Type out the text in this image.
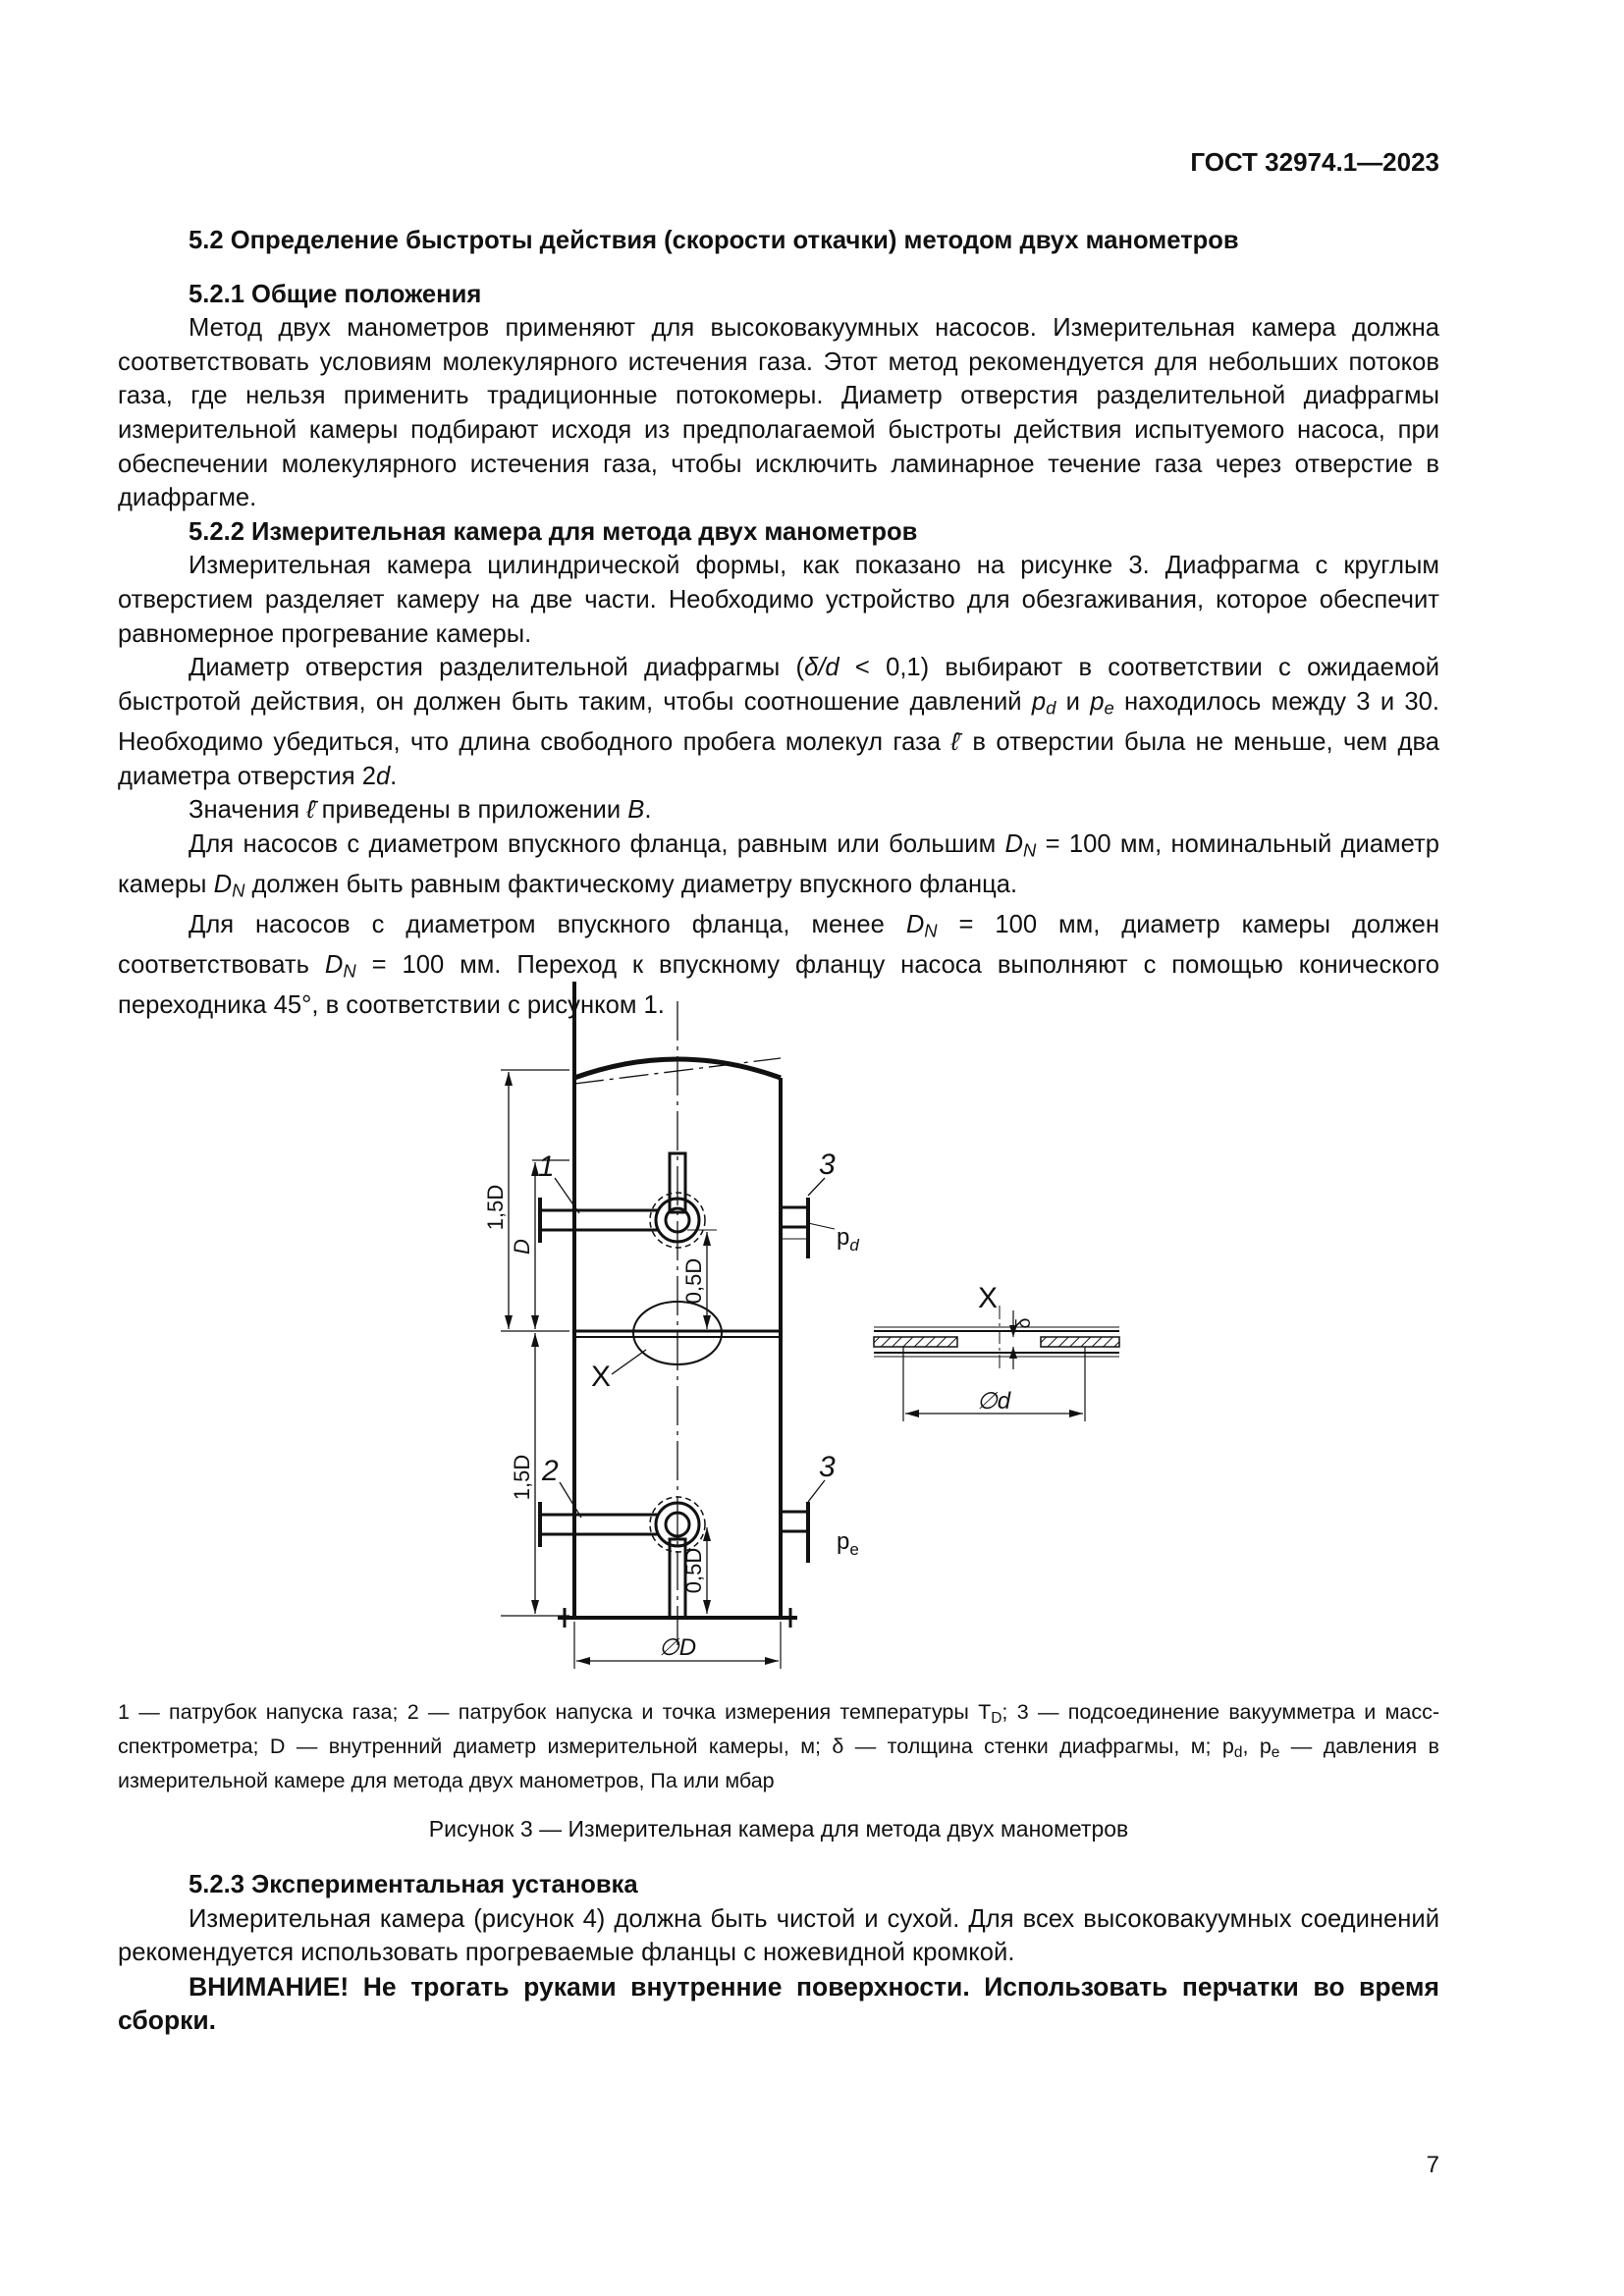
ГОСТ 32974.1—2023

5.2 Определение быстроты действия (скорости откачки) методом двух манометров

5.2.1 Общие положения

Метод двух манометров применяют для высоковакуумных насосов. Измерительная камера должна соответствовать условиям молекулярного истечения газа. Этот метод рекомендуется для небольших потоков газа, где нельзя применить традиционные потокомеры. Диаметр отверстия разделительной диафрагмы измерительной камеры подбирают исходя из предполагаемой быстроты действия испытуемого насоса, при обеспечении молекулярного истечения газа, чтобы исключить ламинарное течение газа через отверстие в диафрагме.

5.2.2 Измерительная камера для метода двух манометров

Измерительная камера цилиндрической формы, как показано на рисунке 3. Диафрагма с круглым отверстием разделяет камеру на две части. Необходимо устройство для обезгаживания, которое обеспечит равномерное прогревание камеры.

Диаметр отверстия разделительной диафрагмы (δ/d < 0,1) выбирают в соответствии с ожидаемой быстротой действия, он должен быть таким, чтобы соотношение давлений $p_d$ и $p_e$ находилось между 3 и 30. Необходимо убедиться, что длина свободного пробега молекул газа ℓ̄ в отверстии была не меньше, чем два диаметра отверстия 2d.

Значения ℓ̄ приведены в приложении В.

Для насосов с диаметром впускного фланца, равным или большим $D_N = 100$ мм, номинальный диаметр камеры $D_N$ должен быть равным фактическому диаметру впускного фланца.

Для насосов с диаметром впускного фланца, менее $D_N = 100$ мм, диаметр камеры должен соответствовать $D_N = 100$ мм. Переход к впускному фланцу насоса выполняют с помощью конического переходника 45°, в соответствии с рисунком 1.

1
2
3
3
$p_d$
$p_e$
1,5D
D
0,5D
1,5D
0,5D
∅D
X
X
δ
∅d
1 — патрубок напуска газа; 2 — патрубок напуска и точка измерения температуры $T_D$; 3 — подсоединение вакуумметра и масс-спектрометра; D — внутренний диаметр измерительной камеры, м; δ — толщина стенки диафрагмы, м; $p_d$, $p_e$ — давления в измерительной камере для метода двух манометров, Па или мбар
Рисунок 3 — Измерительная камера для метода двух манометров

5.2.3 Экспериментальная установка

Измерительная камера (рисунок 4) должна быть чистой и сухой. Для всех высоковакуумных соединений рекомендуется использовать прогреваемые фланцы с ножевидной кромкой.

ВНИМАНИЕ! Не трогать руками внутренние поверхности. Использовать перчатки во время сборки.

7
